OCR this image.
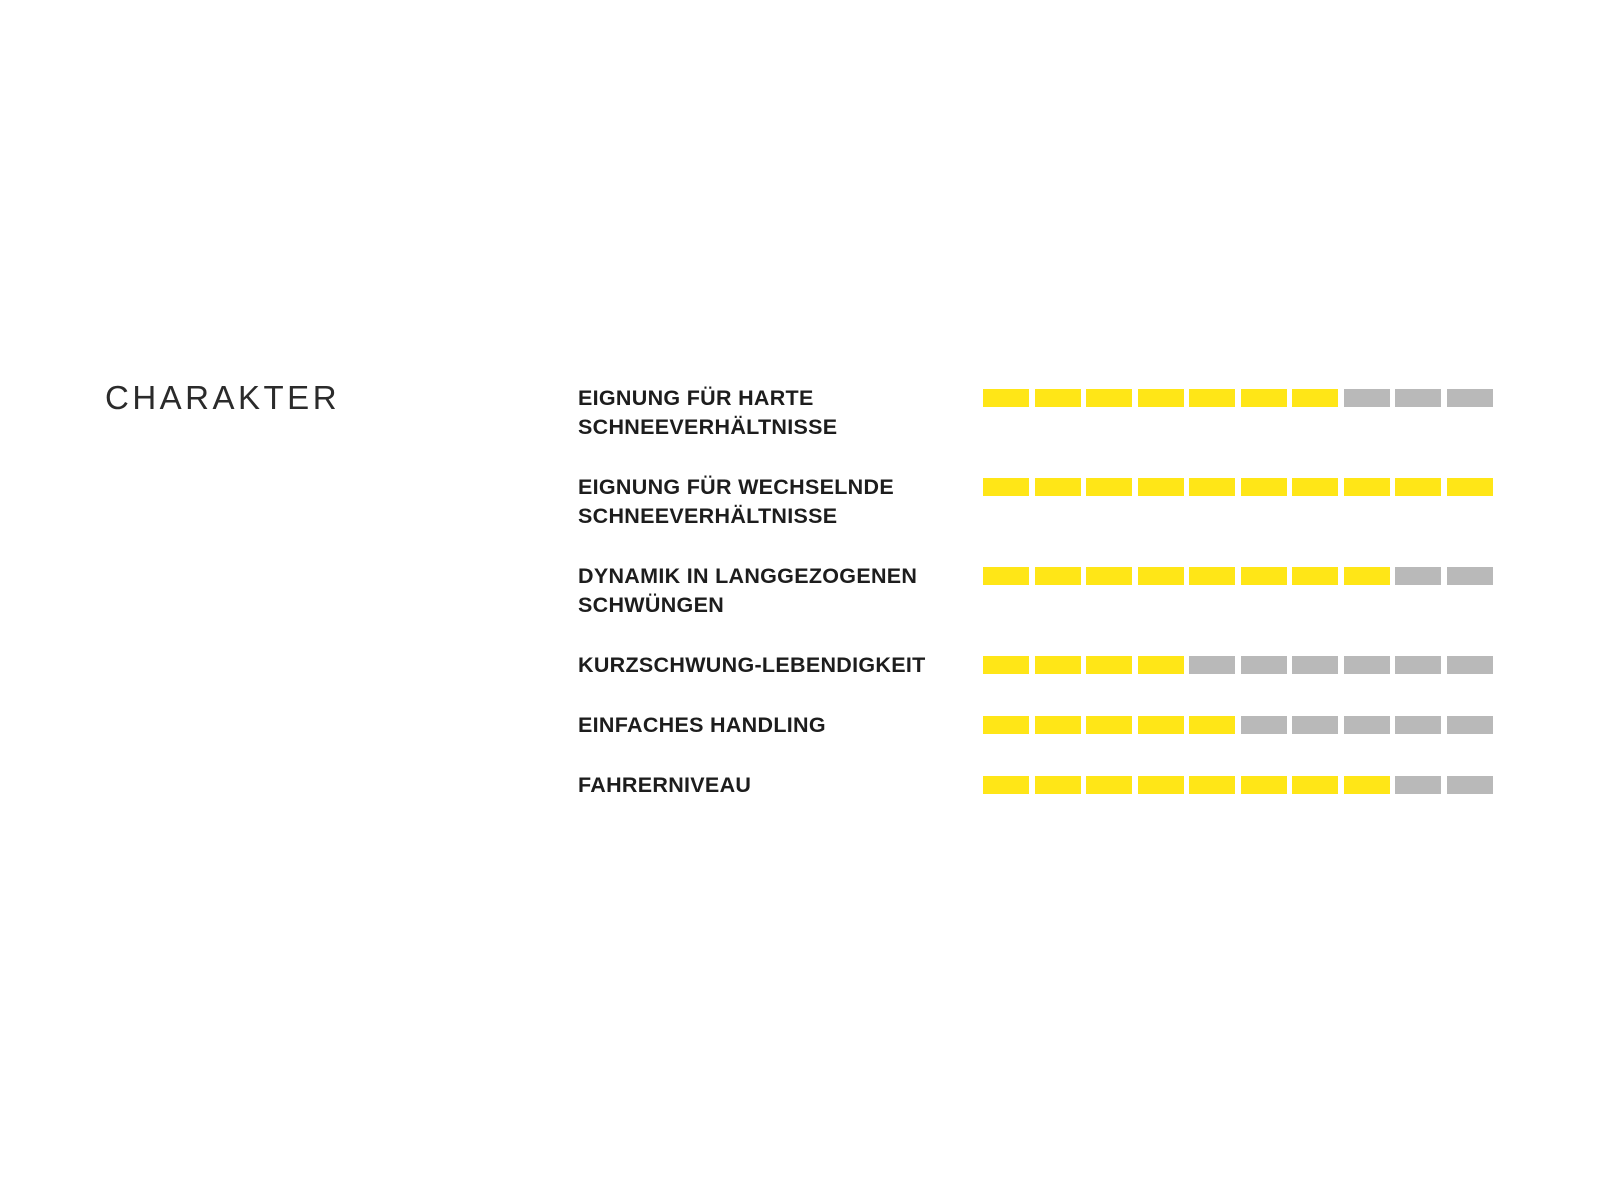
CHARAKTER	EIGNUNG FÜR HARTE
SCHNEEVERHÄLTNISSE
EIGNUNG FÜR WECHSELNDE
SCHNEEVERHÄLTNISSE
DYNAMIK IN LANGGEZOGENEN
SCHWÜNGEN
KURZSCHWUNG-LEBENDIGKEIT
EINFACHES HANDLING
FAHRERNIVEAU
